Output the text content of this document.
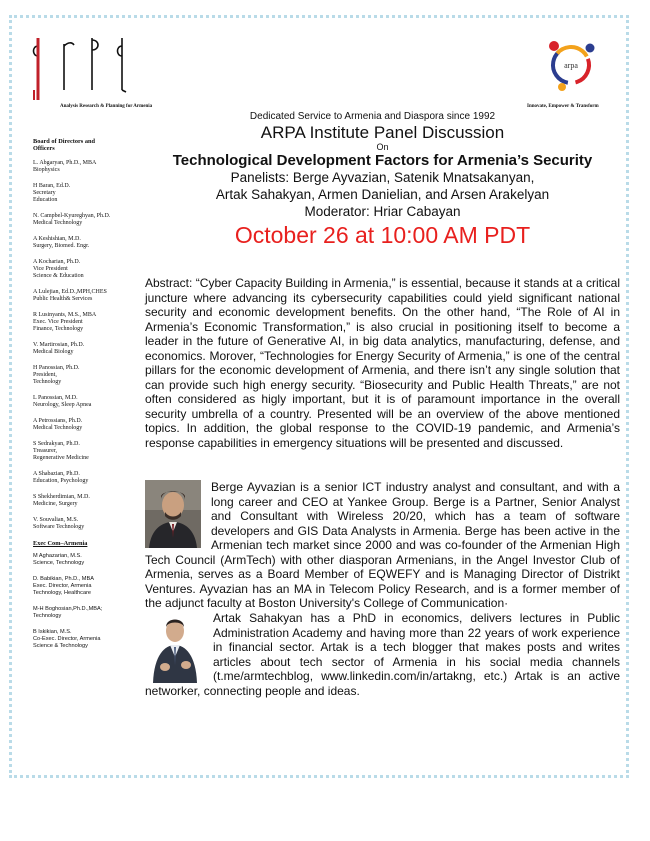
Analysis Research & Planning for Armenia
arpa
Innovate, Empower & Transform
Dedicated Service to Armenia and Diaspora since 1992
ARPA Institute Panel Discussion
On
Technological Development Factors for Armenia’s Security
Panelists: Berge Ayvazian, Satenik Mnatsakanyan,
Artak Sahakyan, Armen Danielian, and Arsen Arakelyan
Moderator: Hriar Cabayan
October 26 at 10:00 AM PDT
Board of Directors and
Officers
L. Abgaryan, Ph.D., MBA
Biophysics
H Baran, Ed.D.
Secretary
Education
N. Campbel-Kyureghyan, Ph.D.
Medical Technology
A Keshishian, M.D.
Surgery, Biomed. Engr.
A Kocharian, Ph.D.
Vice President
Science & Education
A Lulejian, Ed.D.,MPH,CHES
Public Health& Services
R Lusinyants, M.S., MBA
Exec. Vice President
Finance, Technology
V. Martirosian, Ph.D.
Medical Biology
H Panossian, Ph.D.
President,
Technology
L Panossian, M.D.
Neurology, Sleep Apnea
A Petrossians, Ph.D.
Medical Technology
S Sedrakyan, Ph.D.
Treasurer,
Regenerative Medicine
A Shabazian, Ph.D.
Education, Psychology
S Shekherdimian, M.D.
Medicine, Surgery
V. Souvalian, M.S.
Software Technology
Exec Com–Armenia
M Aghazarian, M.S.
Science, Technology
D. Babikian, Ph.D., MBA
Exec. Director, Armenia
Technology, Healthcare
M-H Boghosian,Ph.D.,MBA;
Technology
B Iskikian, M.S.
Co-Exec. Director, Armenia
Science & Technology
Abstract: “Cyber Capacity Building in Armenia,” is essential, because it stands at a critical juncture where advancing its cybersecurity capabilities could yield significant national security and economic development benefits. On the other hand, “The Role of AI in Armenia’s Economic Transformation,” is also crucial in positioning itself to become a leader in the future of Generative AI, in big data analytics, manufacturing, defense, and economics. Morover, “Technologies for Energy Security of Armenia,” is one of the central pillars for the economic development of Armenia, and there isn’t any single solution that can provide such high energy security. “Biosecurity and Public Health Threats,” are not often considered as higly important, but it is of paramount importance in the overall security umbrella of a country. Presented will be an overview of the above mentioned topics. In addition, the global response to the COVID-19 pandemic, and Armenia’s response capabilities in emergency situations will be presented and discussed.
Berge Ayvazian is a senior ICT industry analyst and consultant, and with a long career and CEO at Yankee Group. Berge is a Partner, Senior Analyst and Consultant with Wireless 20/20, which has a team of software developers and GIS Data Analysts in Armenia. Berge has been active in the Armenian tech market since 2000 and was co-founder of the Armenian High Tech Council (ArmTech) with other diasporan Armenians, in the Angel Investor Club of Armenia, serves as a Board Member of EQWEFY and is Managing Director of Distrikt Ventures. Ayvazian has an MA in Telecom Policy Research, and is a former member of the adjunct faculty at Boston University's College of Communication·
Artak Sahakyan has a PhD in economics, delivers lectures in Public Administration Academy and having more than 22 years of work experience in financial sector. Artak is a tech blogger that makes posts and writes articles about tech sector of Armenia in his social media channels (t.me/armtechblog, www.linkedin.com/in/artakng, etc.) Artak is an active networker, connecting people and ideas.
